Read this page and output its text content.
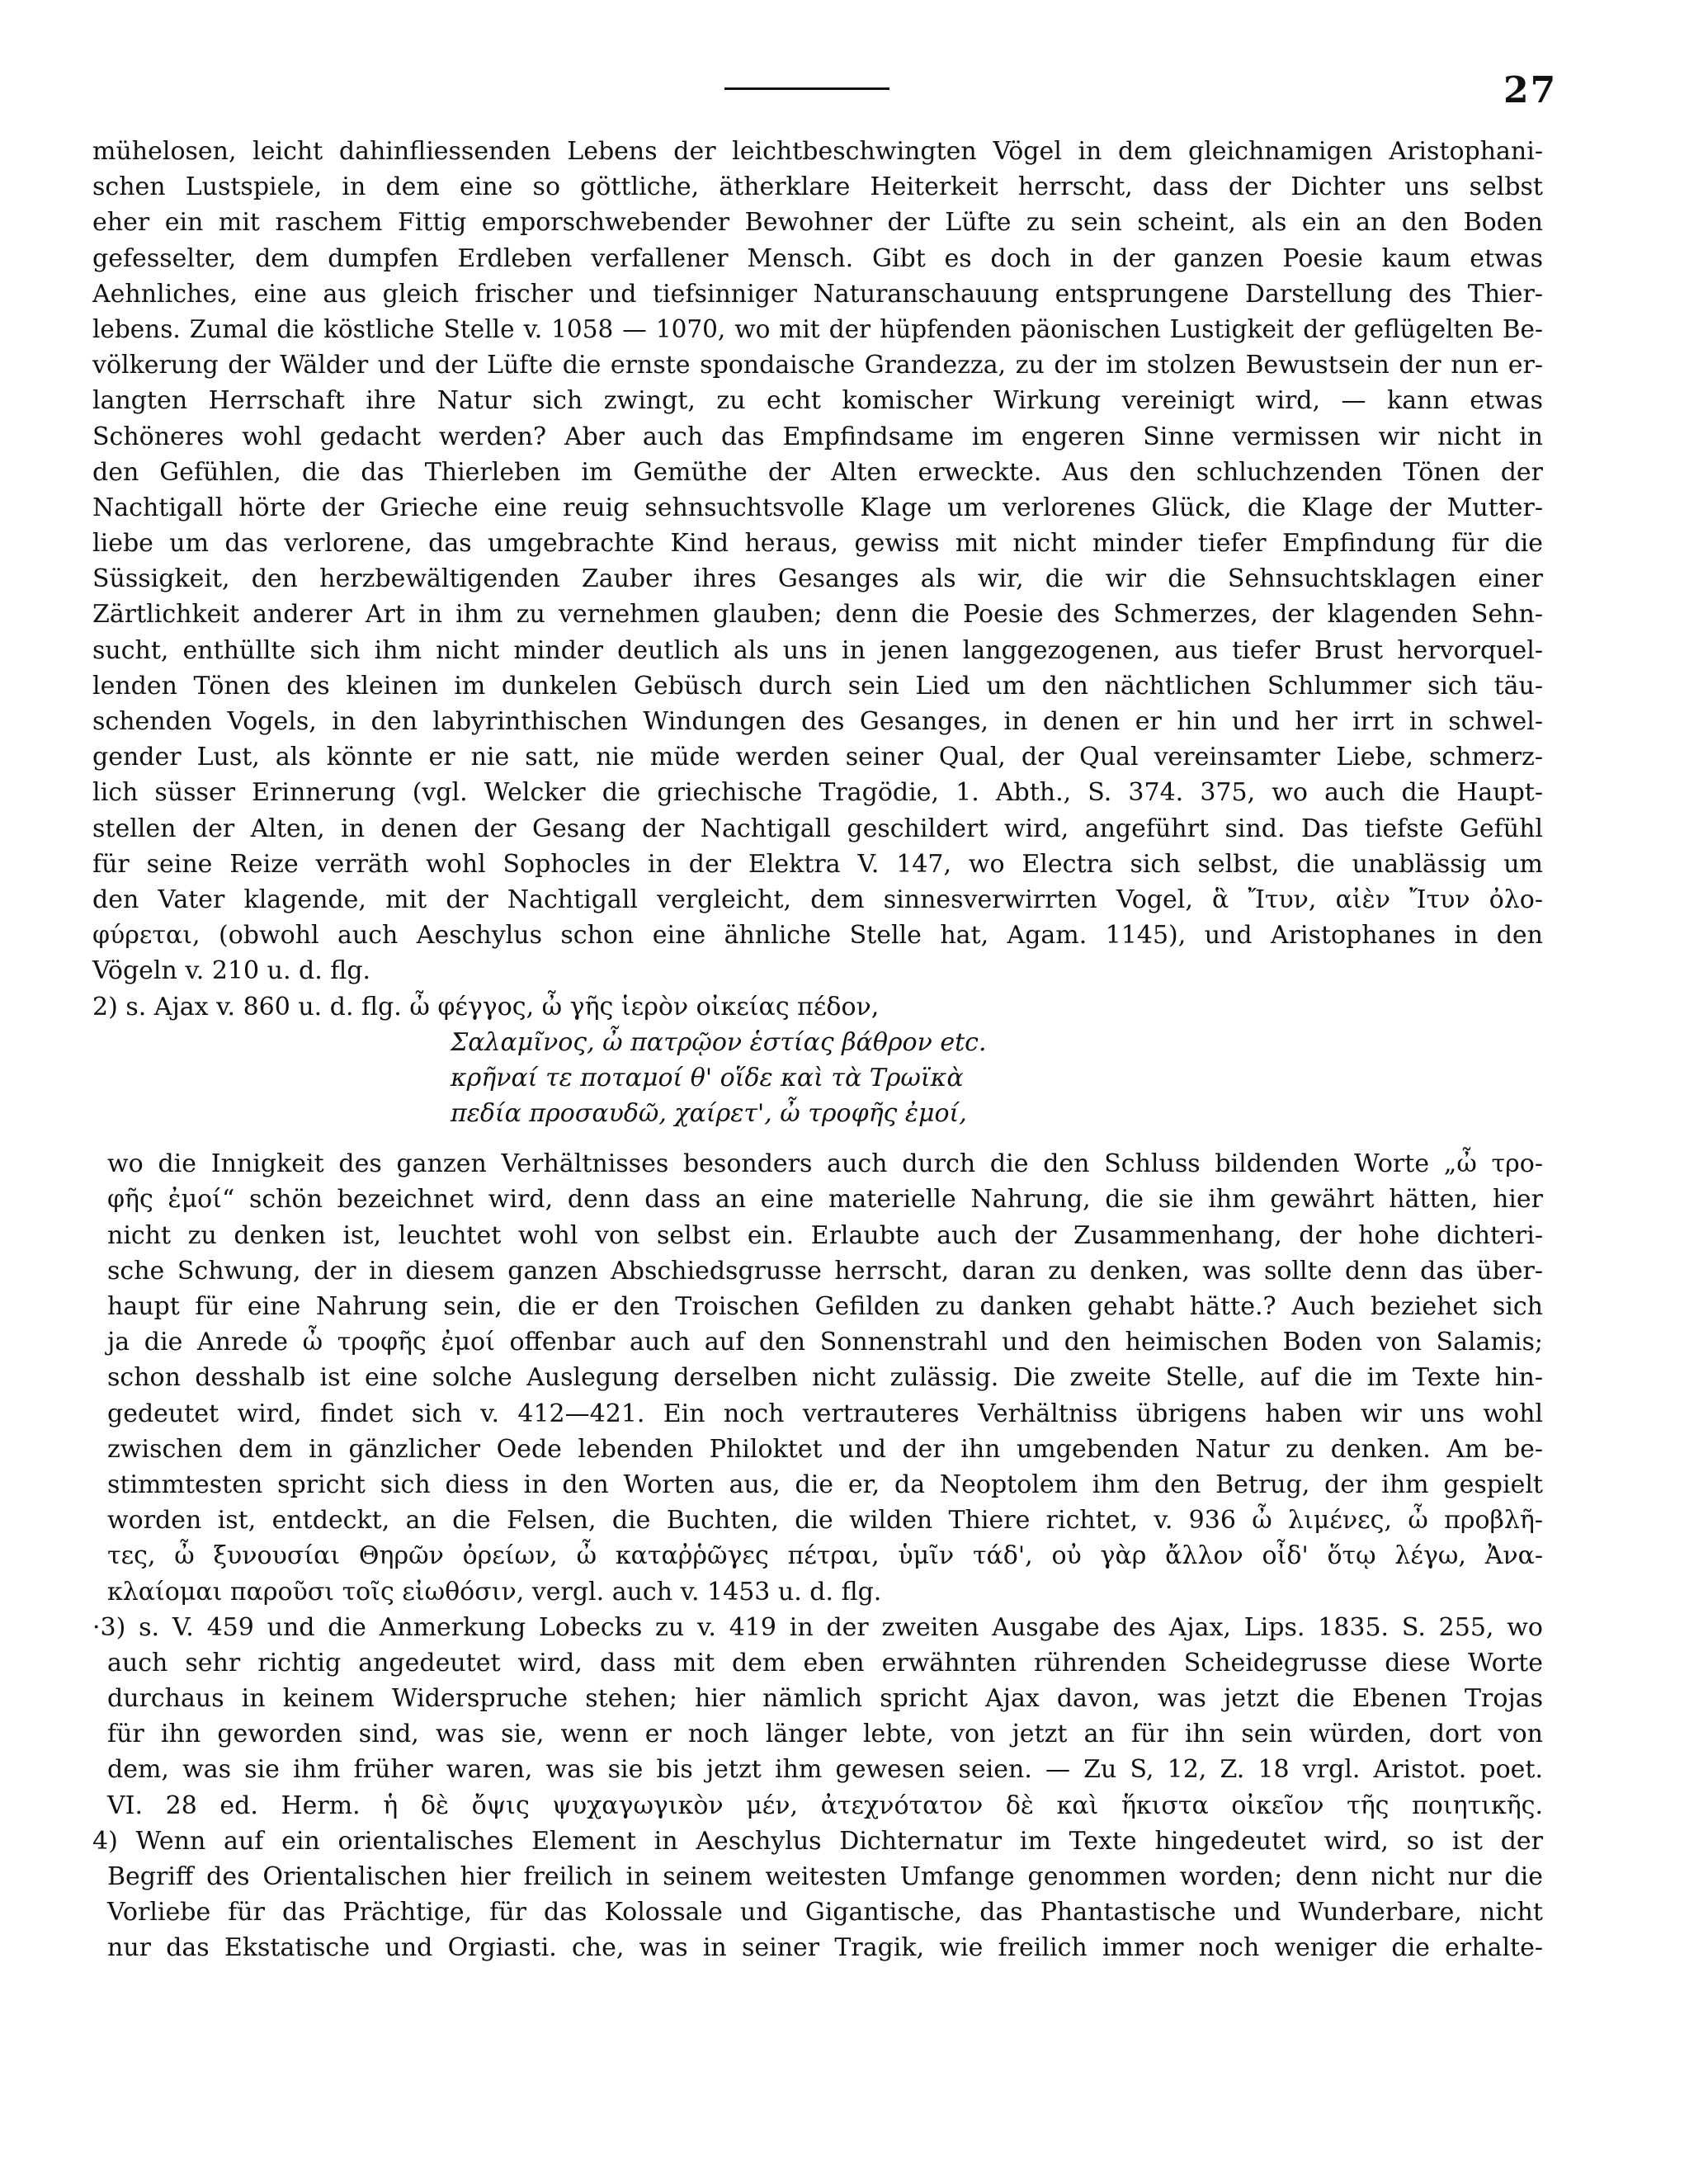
27
mühelosen, leicht dahinfliessenden Lebens der leichtbeschwingten Vögel in dem gleichnamigen Aristophani-
schen Lustspiele, in dem eine so göttliche, ätherklare Heiterkeit herrscht, dass der Dichter uns selbst
eher ein mit raschem Fittig emporschwebender Bewohner der Lüfte zu sein scheint, als ein an den Boden
gefesselter, dem dumpfen Erdleben verfallener Mensch. Gibt es doch in der ganzen Poesie kaum etwas
Aehnliches, eine aus gleich frischer und tiefsinniger Naturanschauung entsprungene Darstellung des Thier-
lebens. Zumal die köstliche Stelle v. 1058 — 1070, wo mit der hüpfenden päonischen Lustigkeit der geflügelten Be-
völkerung der Wälder und der Lüfte die ernste spondaische Grandezza, zu der im stolzen Bewustsein der nun er-
langten Herrschaft ihre Natur sich zwingt, zu echt komischer Wirkung vereinigt wird, — kann etwas
Schöneres wohl gedacht werden? Aber auch das Empfindsame im engeren Sinne vermissen wir nicht in
den Gefühlen, die das Thierleben im Gemüthe der Alten erweckte. Aus den schluchzenden Tönen der
Nachtigall hörte der Grieche eine reuig sehnsuchtsvolle Klage um verlorenes Glück, die Klage der Mutter-
liebe um das verlorene, das umgebrachte Kind heraus, gewiss mit nicht minder tiefer Empfindung für die
Süssigkeit, den herzbewältigenden Zauber ihres Gesanges als wir, die wir die Sehnsuchtsklagen einer
Zärtlichkeit anderer Art in ihm zu vernehmen glauben; denn die Poesie des Schmerzes, der klagenden Sehn-
sucht, enthüllte sich ihm nicht minder deutlich als uns in jenen langgezogenen, aus tiefer Brust hervorquel-
lenden Tönen des kleinen im dunkelen Gebüsch durch sein Lied um den nächtlichen Schlummer sich täu-
schenden Vogels, in den labyrinthischen Windungen des Gesanges, in denen er hin und her irrt in schwel-
gender Lust, als könnte er nie satt, nie müde werden seiner Qual, der Qual vereinsamter Liebe, schmerz-
lich süsser Erinnerung (vgl. Welcker die griechische Tragödie, 1. Abth., S. 374. 375, wo auch die Haupt-
stellen der Alten, in denen der Gesang der Nachtigall geschildert wird, angeführt sind. Das tiefste Gefühl
für seine Reize verräth wohl Sophocles in der Elektra V. 147, wo Electra sich selbst, die unablässig um
den Vater klagende, mit der Nachtigall vergleicht, dem sinnesverwirrten Vogel, ἃ Ἴτυν, αἰὲν Ἴτυν ὀλο-
φύρεται, (obwohl auch Aeschylus schon eine ähnliche Stelle hat, Agam. 1145), und Aristophanes in den
Vögeln v. 210 u. d. flg.
2) s. Ajax v. 860 u. d. flg. ὦ φέγγος, ὦ γῆς ἱερὸν οἰκείας πέδον,
Σαλαμῖνος, ὦ πατρῷον ἑστίας βάθρον etc.
κρῆναί τε ποταμοί θ' οἵδε καὶ τὰ Τρωϊκὰ
πεδία προσαυδῶ, χαίρετ', ὦ τροφῆς ἐμοί,
wo die Innigkeit des ganzen Verhältnisses besonders auch durch die den Schluss bildenden Worte „ὦ τρο-
φῆς ἐμοί“ schön bezeichnet wird, denn dass an eine materielle Nahrung, die sie ihm gewährt hätten, hier
nicht zu denken ist, leuchtet wohl von selbst ein. Erlaubte auch der Zusammenhang, der hohe dichteri-
sche Schwung, der in diesem ganzen Abschiedsgrusse herrscht, daran zu denken, was sollte denn das über-
haupt für eine Nahrung sein, die er den Troischen Gefilden zu danken gehabt hätte.? Auch beziehet sich
ja die Anrede ὦ τροφῆς ἐμοί offenbar auch auf den Sonnenstrahl und den heimischen Boden von Salamis;
schon desshalb ist eine solche Auslegung derselben nicht zulässig. Die zweite Stelle, auf die im Texte hin-
gedeutet wird, findet sich v. 412—421. Ein noch vertrauteres Verhältniss übrigens haben wir uns wohl
zwischen dem in gänzlicher Oede lebenden Philoktet und der ihn umgebenden Natur zu denken. Am be-
stimmtesten spricht sich diess in den Worten aus, die er, da Neoptolem ihm den Betrug, der ihm gespielt
worden ist, entdeckt, an die Felsen, die Buchten, die wilden Thiere richtet, v. 936 ὦ λιμένες, ὦ προβλῆ-
τες, ὦ ξυνουσίαι Θηρῶν ὀρείων, ὦ καταῤῥῶγες πέτραι, ὑμῖν τάδ', οὐ γὰρ ἄλλον οἶδ' ὅτῳ λέγω, Ἀνα-
κλαίομαι παροῦσι τοῖς εἰωθόσιν, vergl. auch v. 1453 u. d. flg.
·3) s. V. 459 und die Anmerkung Lobecks zu v. 419 in der zweiten Ausgabe des Ajax, Lips. 1835. S. 255, wo
auch sehr richtig angedeutet wird, dass mit dem eben erwähnten rührenden Scheidegrusse diese Worte
durchaus in keinem Widerspruche stehen; hier nämlich spricht Ajax davon, was jetzt die Ebenen Trojas
für ihn geworden sind, was sie, wenn er noch länger lebte, von jetzt an für ihn sein würden, dort von
dem, was sie ihm früher waren, was sie bis jetzt ihm gewesen seien. — Zu S, 12, Z. 18 vrgl. Aristot. poet.
VI. 28 ed. Herm. ἡ δὲ ὄψις ψυχαγωγικὸν μέν, ἀτεχνότατον δὲ καὶ ἥκιστα οἰκεῖον τῆς ποιητικῆς.
4) Wenn auf ein orientalisches Element in Aeschylus Dichternatur im Texte hingedeutet wird, so ist der
Begriff des Orientalischen hier freilich in seinem weitesten Umfange genommen worden; denn nicht nur die
Vorliebe für das Prächtige, für das Kolossale und Gigantische, das Phantastische und Wunderbare, nicht
nur das Ekstatische und Orgiasti. che, was in seiner Tragik, wie freilich immer noch weniger die erhalte-
